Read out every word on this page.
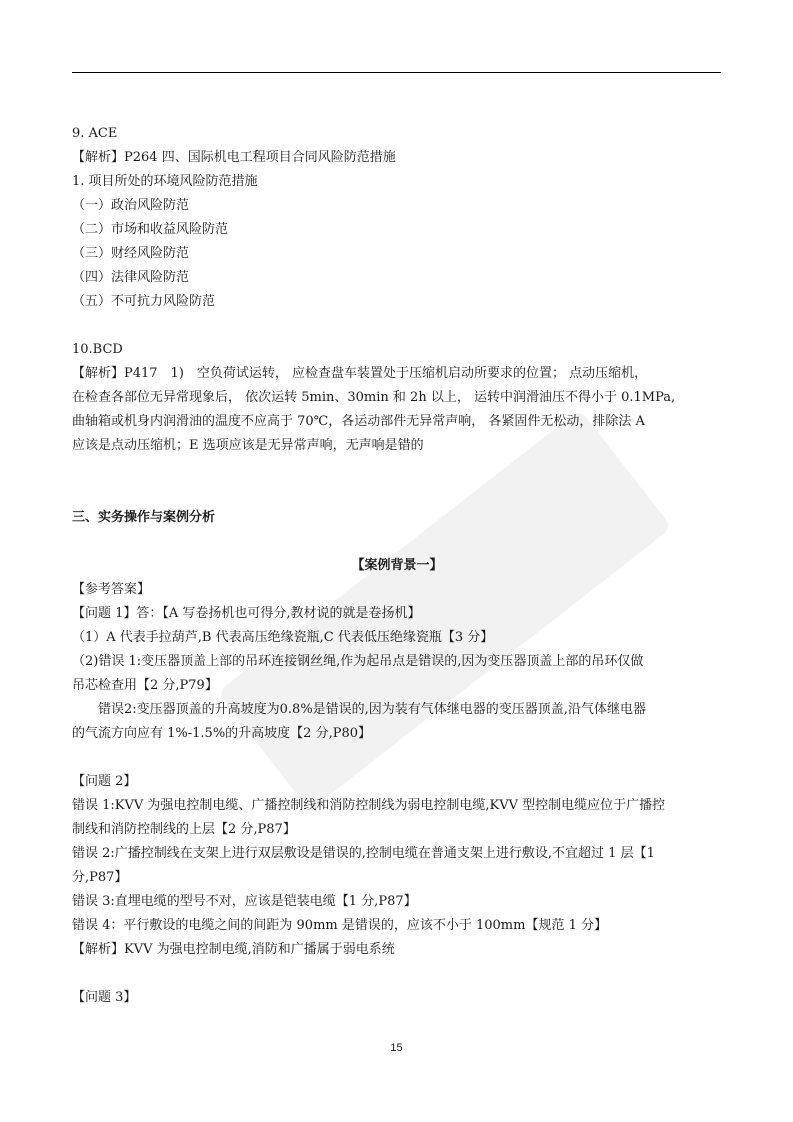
9. ACE

【解析】P264 四、国际机电工程项目合同风险防范措施

1. 项目所处的环境风险防范措施

（一）政治风险防范

（二）市场和收益风险防范

（三）财经风险防范

（四）法律风险防范

（五）不可抗力风险防范

10.BCD

【解析】P417　1)　空负荷试运转， 应检查盘车装置处于压缩机启动所要求的位置； 点动压缩机，

在检查各部位无异常现象后， 依次运转 5min、30min 和 2h 以上， 运转中润滑油压不得小于 0.1MPa,

曲轴箱或机身内润滑油的温度不应高于 70℃，各运动部件无异常声响， 各紧固件无松动，排除法 A

应该是点动压缩机；E 选项应该是无异常声响，无声响是错的

三、实务操作与案例分析

【案例背景一】

【参考答案】

【问题 1】答：【A 写卷扬机也可得分,教材说的就是卷扬机】

（1）A 代表手拉葫芦,B 代表高压绝缘瓷瓶,C 代表低压绝缘瓷瓶【3 分】

（2)错误 1:变压器顶盖上部的吊环连接钢丝绳,作为起吊点是错误的,因为变压器顶盖上部的吊环仅做

吊芯检查用【2 分,P79】

错误2:变压器顶盖的升高坡度为0.8%是错误的,因为装有气体继电器的变压器顶盖,沿气体继电器

的气流方向应有 1%-1.5%的升高坡度【2 分,P80】

【问题 2】

错误 1:KVV 为强电控制电缆、广播控制线和消防控制线为弱电控制电缆,KVV 型控制电缆应位于广播控

制线和消防控制线的上层【2 分,P87】

错误 2:广播控制线在支架上进行双层敷设是错误的,控制电缆在普通支架上进行敷设,不宜超过 1 层【1

分,P87】

错误 3:直埋电缆的型号不对，应该是铠装电缆【1 分,P87】

错误 4：平行敷设的电缆之间的间距为 90mm 是错误的，应该不小于 100mm【规范 1 分】

【解析】KVV 为强电控制电缆,消防和广播属于弱电系统

【问题 3】

15
